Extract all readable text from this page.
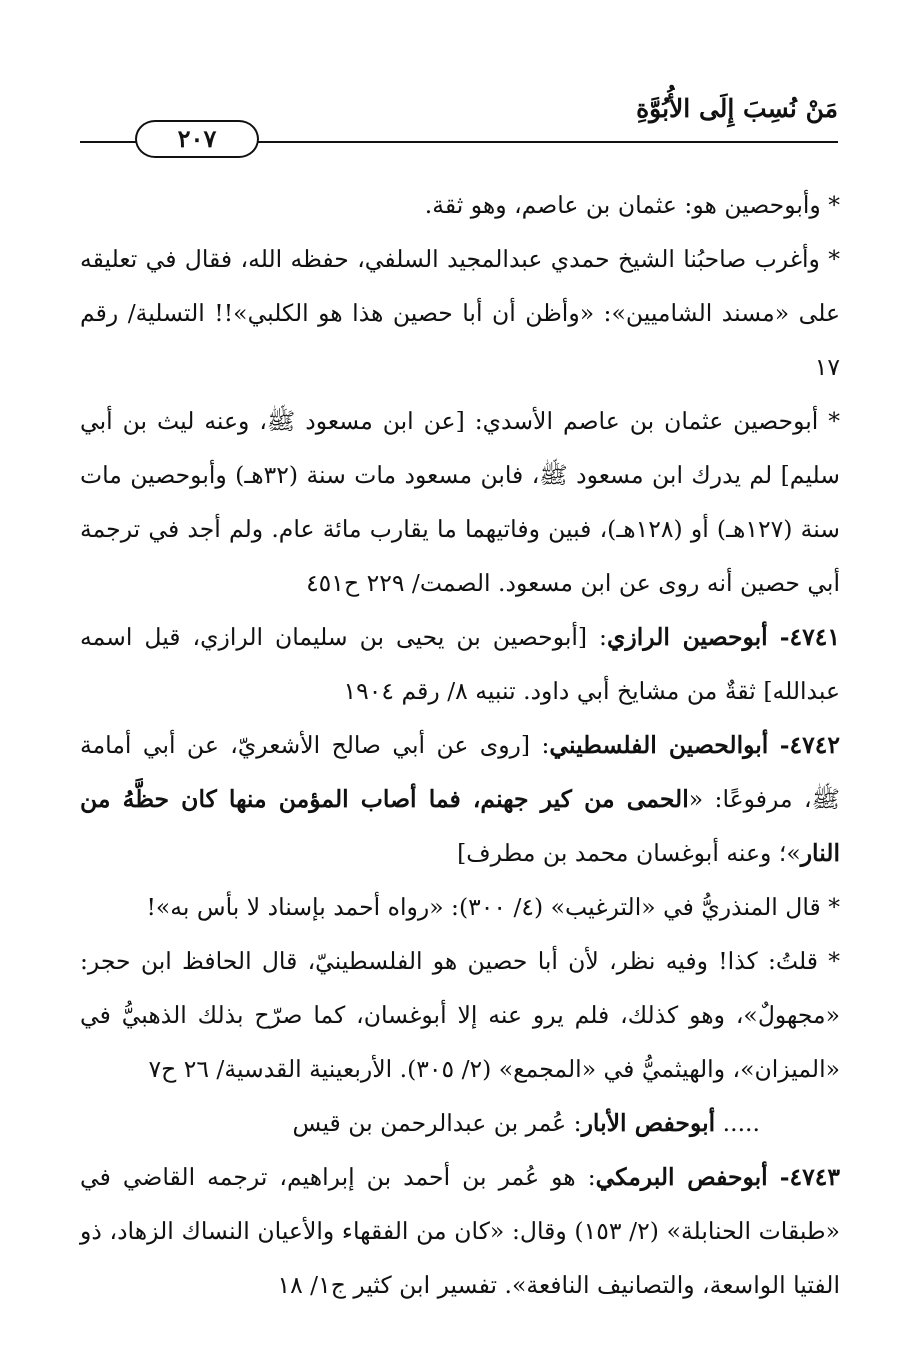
مَنْ نُسِبَ إِلَى الأُبُوَّةِ
٢٠٧

* وأبوحصين هو: عثمان بن عاصم، وهو ثقة.

* وأغرب صاحبُنا الشيخ حمدي عبدالمجيد السلفي، حفظه الله، فقال في تعليقه على «مسند الشاميين»: «وأظن أن أبا حصين هذا هو الكلبي»!! التسلية/ رقم ١٧

* أبوحصين عثمان بن عاصم الأسدي: [عن ابن مسعود ﷺ، وعنه ليث بن أبي سليم] لم يدرك ابن مسعود ﷺ، فابن مسعود مات سنة (٣٢هـ) وأبوحصين مات سنة (١٢٧هـ) أو (١٢٨هـ)، فبين وفاتيهما ما يقارب مائة عام. ولم أجد في ترجمة أبي حصين أنه روى عن ابن مسعود. الصمت/ ٢٢٩ ح٤٥١

٤٧٤١- أبوحصين الرازي: [أبوحصين بن يحيى بن سليمان الرازي، قيل اسمه عبدالله] ثقةٌ من مشايخ أبي داود. تنبيه ٨/ رقم ١٩٠٤

٤٧٤٢- أبوالحصين الفلسطيني: [روى عن أبي صالح الأشعريّ، عن أبي أمامة ﷺ، مرفوعًا: «الحمى من كير جهنم، فما أصاب المؤمن منها كان حظَّهُ من النار»؛ وعنه أبوغسان محمد بن مطرف]

* قال المنذريُّ في «الترغيب» (٤/ ٣٠٠): «رواه أحمد بإسناد لا بأس به»!

* قلتُ: كذا! وفيه نظر، لأن أبا حصين هو الفلسطينيّ، قال الحافظ ابن حجر: «مجهولٌ»، وهو كذلك، فلم يرو عنه إلا أبوغسان، كما صرّح بذلك الذهبيُّ في «الميزان»، والهيثميُّ في «المجمع» (٢/ ٣٠٥). الأربعينية القدسية/ ٢٦ ح٧

..... أبوحفص الأبار: عُمر بن عبدالرحمن بن قيس

٤٧٤٣- أبوحفص البرمكي: هو عُمر بن أحمد بن إبراهيم، ترجمه القاضي في «طبقات الحنابلة» (٢/ ١٥٣) وقال: «كان من الفقهاء والأعيان النساك الزهاد، ذو الفتيا الواسعة، والتصانيف النافعة». تفسير ابن كثير ج١/ ١٨
